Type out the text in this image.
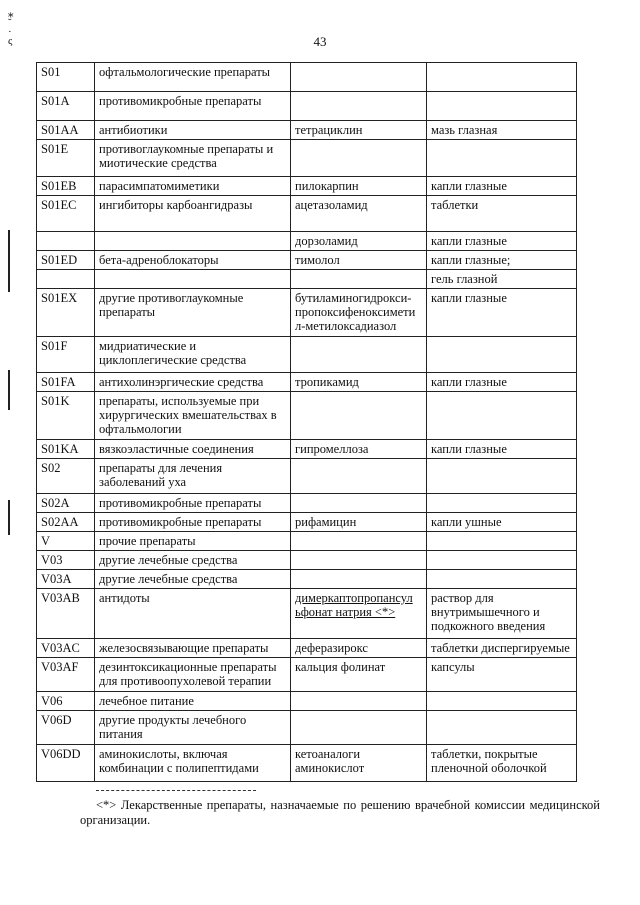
⁎
˘
·
ς	43
S01	офтальмологические препараты		
S01A	противомикробные препараты		
S01AA	антибиотики	тетрациклин	мазь глазная
S01E	противоглаукомные препараты и миотические средства		
S01EB	парасимпатомиметики	пилокарпин	капли глазные
S01EC	ингибиторы карбоангидразы	ацетазоламид	таблетки
		дорзоламид	капли глазные
S01ED	бета-адреноблокаторы	тимолол	капли глазные;
			гель глазной
S01EX	другие противоглаукомные препараты	бутиламиногидрокси-пропоксифеноксимети л-метилоксадиазол	капли глазные
S01F	мидриатические и циклоплегические средства		
S01FA	антихолинэргические средства	тропикамид	капли глазные
S01K	препараты, используемые при хирургических вмешательствах в офтальмологии		
S01KA	вязкоэластичные соединения	гипромеллоза	капли глазные
S02	препараты для лечения заболеваний уха		
S02A	противомикробные препараты		
S02AA	противомикробные препараты	рифамицин	капли ушные
V	прочие препараты		
V03	другие лечебные средства		
V03A	другие лечебные средства		
V03AB	антидоты	димеркаптопропансул ьфонат натрия <*>	раствор для внутримышечного и подкожного введения
V03AC	железосвязывающие препараты	деферазирокс	таблетки диспергируемые
V03AF	дезинтоксикационные препараты для противоопухолевой терапии	кальция фолинат	капсулы
V06	лечебное питание		
V06D	другие продукты лечебного питания		
V06DD	аминокислоты, включая комбинации с полипептидами	кетоаналоги аминокислот	таблетки, покрытые пленочной оболочкой
<*> Лекарственные препараты, назначаемые по решению врачебной комиссии медицинской организации.
